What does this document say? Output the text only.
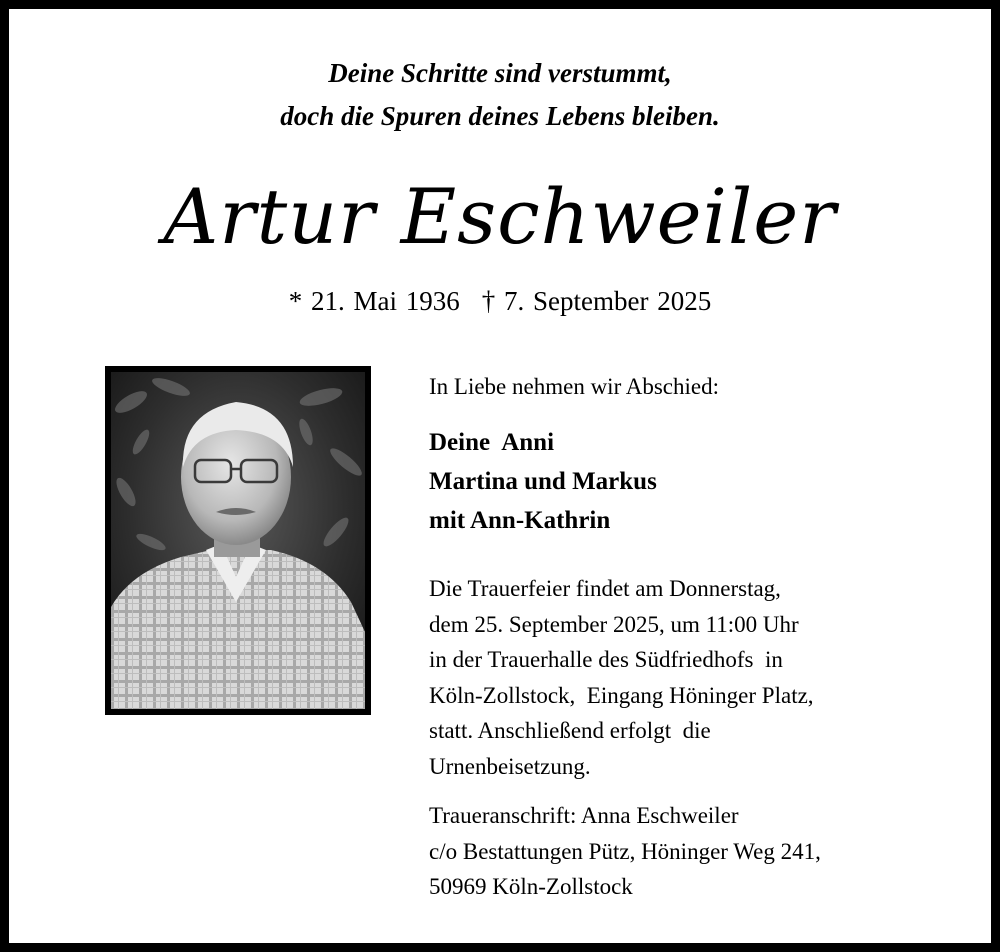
Deine Schritte sind verstummt,
doch die Spuren deines Lebens bleiben.
Artur Eschweiler
* 21. Mai 1936 † 7. September 2025

In Liebe nehmen wir Abschied:

Deine  Anni
Martina und Markus
mit Ann-Kathrin
Die Trauerfeier findet am Donnerstag,
dem 25. September 2025, um 11:00 Uhr
in der Trauerhalle des Südfriedhofs  in
Köln-Zollstock,  Eingang Höninger Platz,
statt. Anschließend erfolgt  die
Urnenbeisetzung.
Traueranschrift: Anna Eschweiler
c/o Bestattungen Pütz, Höninger Weg 241,
50969 Köln-Zollstock
